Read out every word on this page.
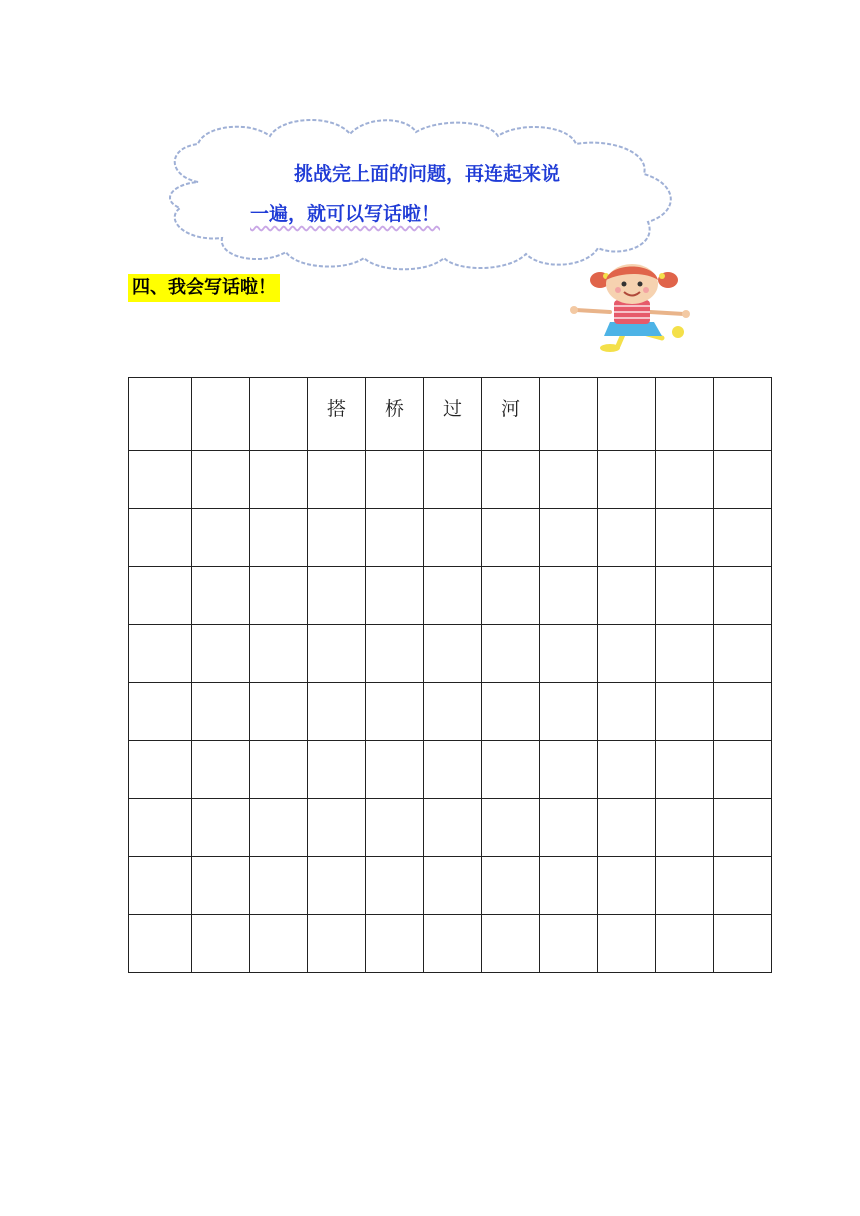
挑战完上面的问题，再连起来说

一遍，就可以写话啦！

四、我会写话啦！
			搭	桥	过	河				
